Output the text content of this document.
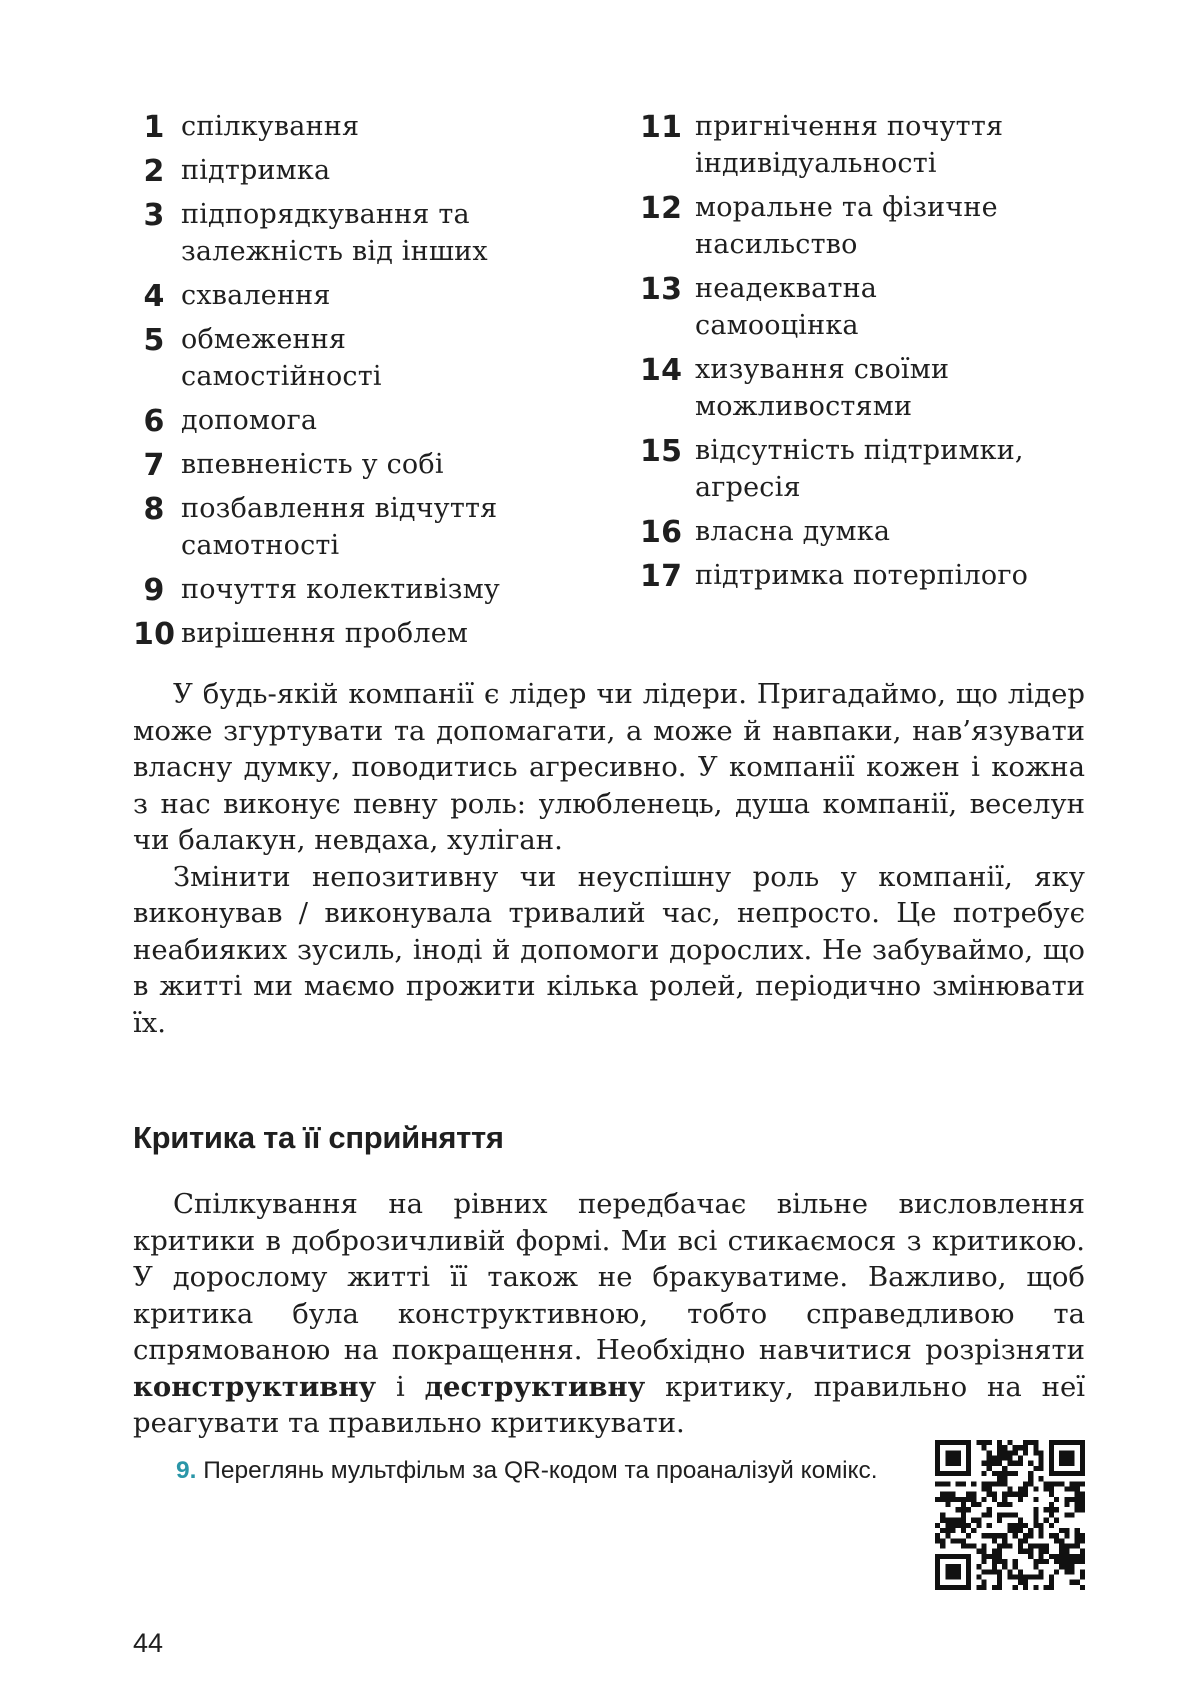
1 спілкування
2 підтримка
3 підпорядкування та
залежність від інших
4 схвалення
5 обмеження
самостійності
6 допомога
7 впевненість у собі
8 позбавлення відчуття
самотності
9 почуття колективізму
10 вирішення проблем
11 пригнічення почуття
індивідуальності
12 моральне та фізичне
насильство
13 неадекватна
самооцінка
14 хизування своїми
можливостями
15 відсутність підтримки,
агресія
16 власна думка
17 підтримка потерпілого

У будь-якій компанії є лідер чи лідери. Пригадаймо, що лідер може згуртувати та допомагати, а може й навпаки, нав’язувати власну думку, поводитись агресивно. У компанії кожен і кожна з нас виконує певну роль: улюбленець, душа компанії, веселун чи балакун, невдаха, хуліган.

Змінити непозитивну чи неуспішну роль у компанії, яку виконував / виконувала тривалий час, непросто. Це потребує неабияких зусиль, іноді й допомоги дорослих. Не забуваймо, що в житті ми маємо прожити кілька ролей, періодично змінювати їх.

Критика та її сприйняття

Спілкування на рівних передбачає вільне висловлення критики в доброзичливій формі. Ми всі стикаємося з критикою. У дорослому житті її також не бракуватиме. Важливо, щоб критика була конструктивною, тобто справедливою та спрямованою на покращення. Необхідно навчитися розрізняти конструктивну і деструктивну критику, правильно на неї реагувати та правильно критикувати.

9. Переглянь мультфільм за QR-кодом та проаналізуй комікс.
44
